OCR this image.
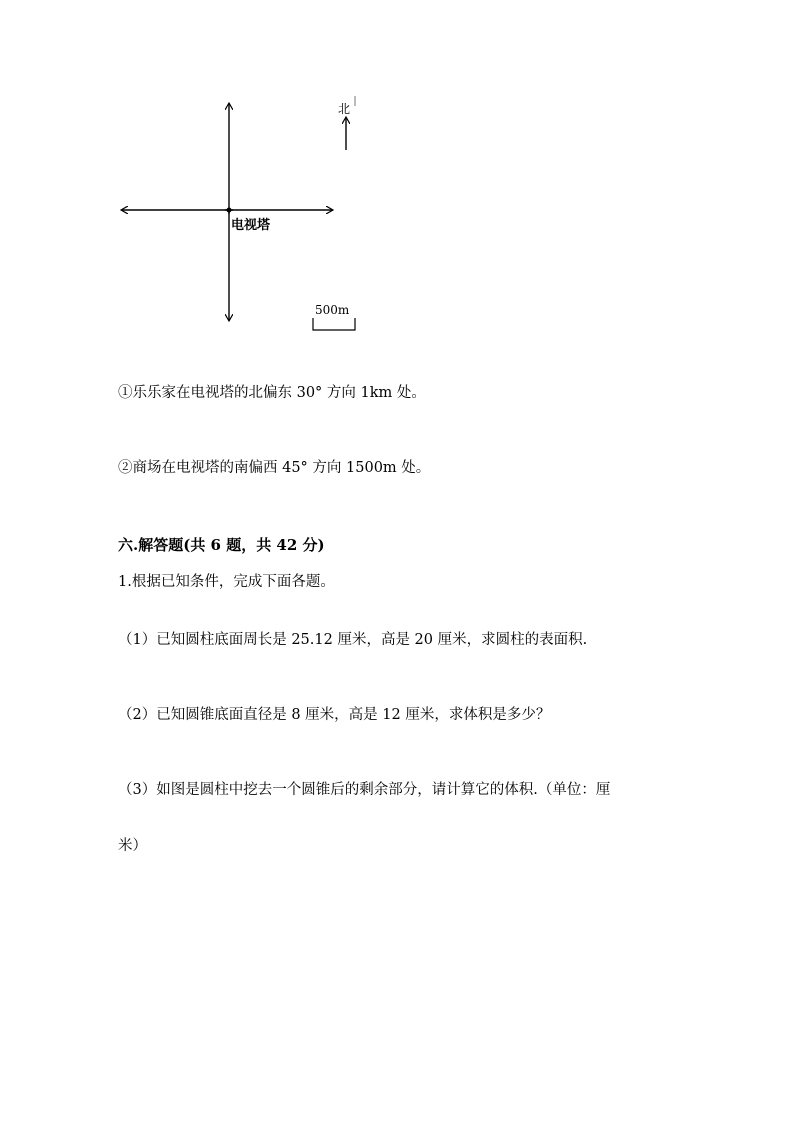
电视塔
北
500m
①乐乐家在电视塔的北偏东 30° 方向 1km 处。
②商场在电视塔的南偏西 45° 方向 1500m 处。
六.解答题(共 6 题，共 42 分)
1.根据已知条件，完成下面各题。
（1）已知圆柱底面周长是 25.12 厘米，高是 20 厘米，求圆柱的表面积.
（2）已知圆锥底面直径是 8 厘米，高是 12 厘米，求体积是多少？
（3）如图是圆柱中挖去一个圆锥后的剩余部分，请计算它的体积.（单位：厘
米）
